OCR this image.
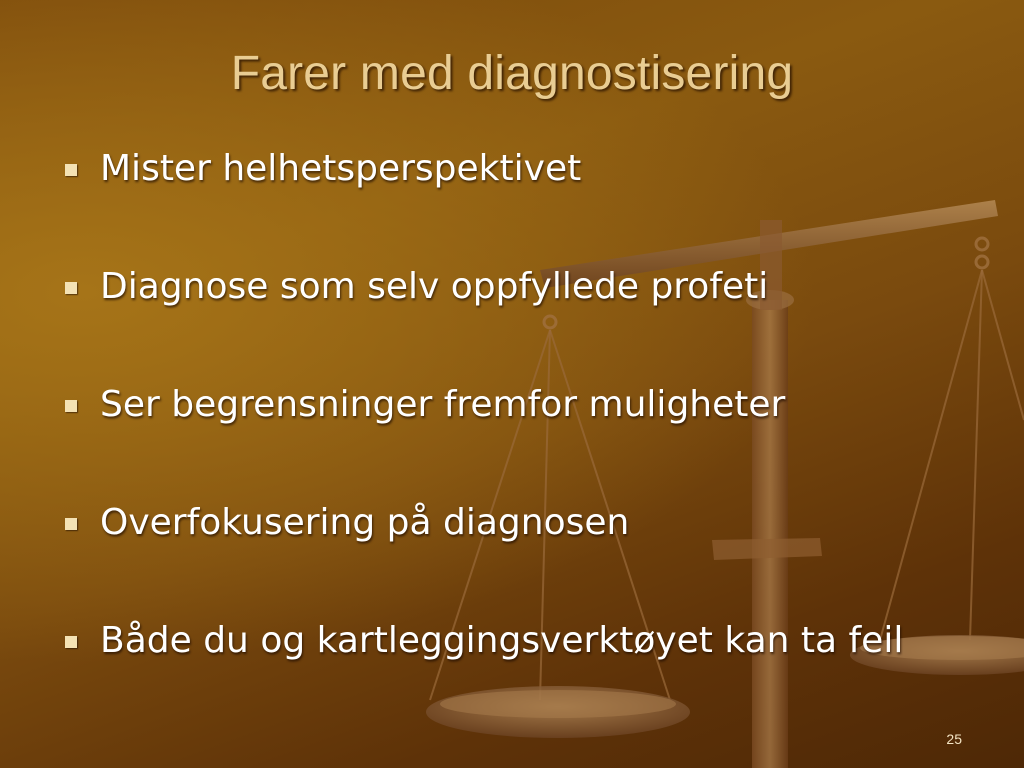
Farer med diagnostisering
Mister helhetsperspektivet
Diagnose som selv oppfyllede profeti
Ser begrensninger fremfor muligheter
Overfokusering på diagnosen
Både du og kartleggingsverktøyet kan ta feil
25
